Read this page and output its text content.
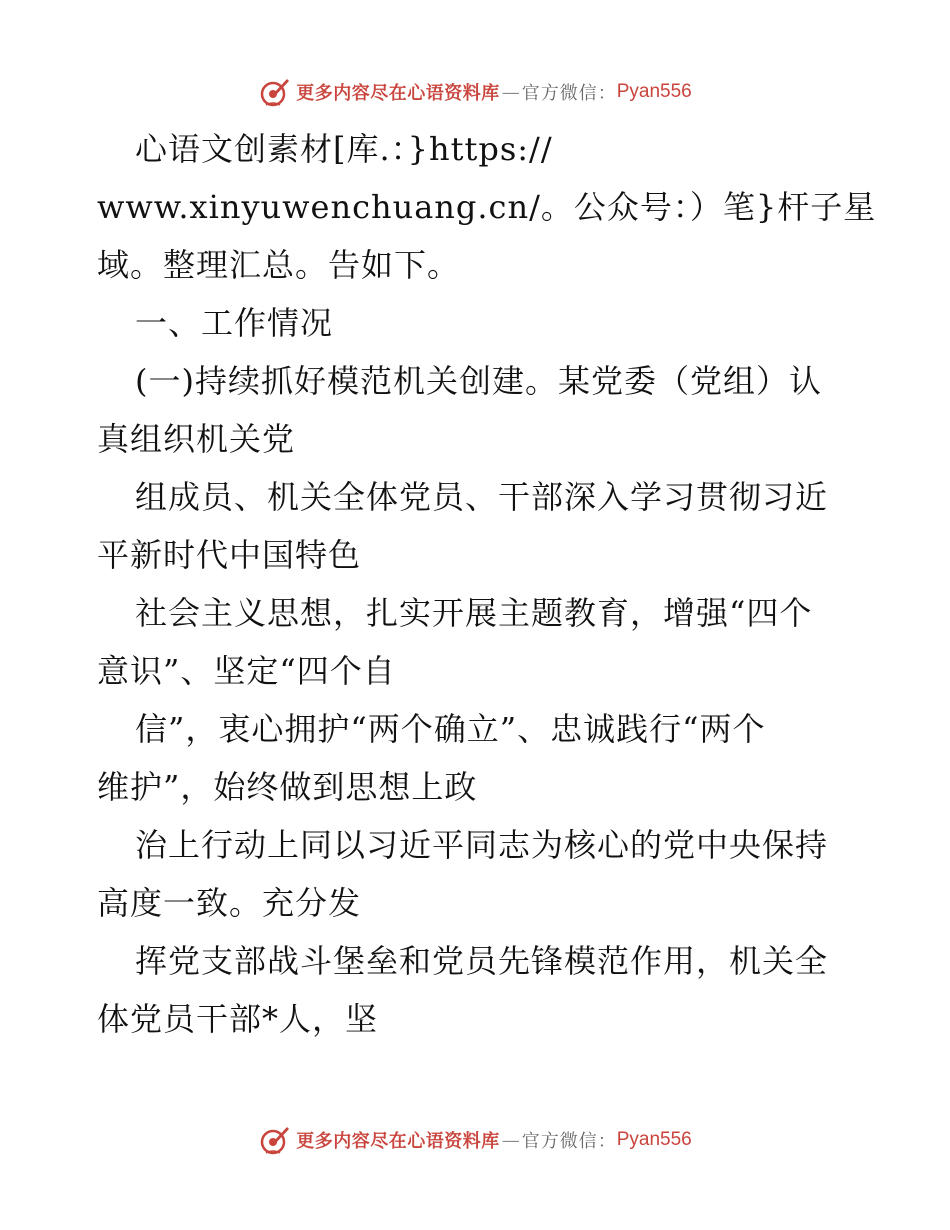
更多内容尽在心语资料库 — 官方微信： Pyan556
心语文创素材[库.：}https://
www.xinyuwenchuang.cn/。公众号：）笔}杆子星
域。整理汇总。告如下。
一、工作情况
(一)持续抓好模范机关创建。某党委（党组）认
真组织机关党
组成员、机关全体党员、干部深入学习贯彻习近
平新时代中国特色
社会主义思想，扎实开展主题教育，增强“四个
意识”、坚定“四个自
信”，衷心拥护“两个确立”、忠诚践行“两个
维护”，始终做到思想上政
治上行动上同以习近平同志为核心的党中央保持
高度一致。充分发
挥党支部战斗堡垒和党员先锋模范作用，机关全
体党员干部*人，坚
更多内容尽在心语资料库 — 官方微信： Pyan556
